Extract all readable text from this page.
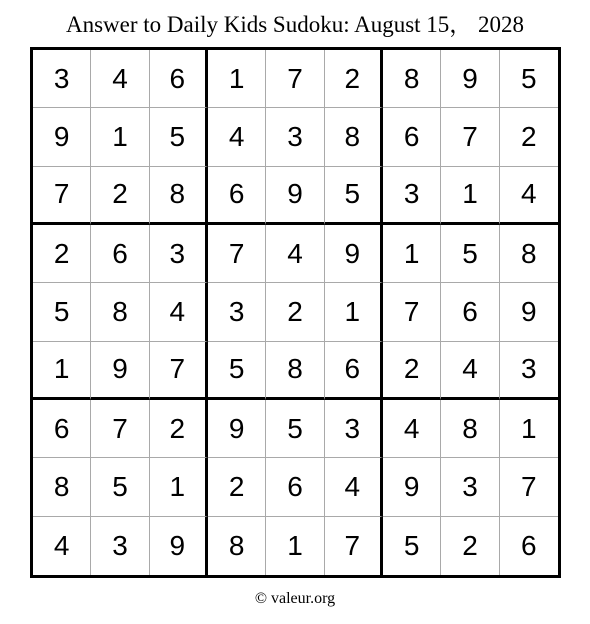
Answer to Daily Kids Sudoku: August 15， 2028
3	4	6	1	7	2	8	9	5
9	1	5	4	3	8	6	7	2
7	2	8	6	9	5	3	1	4
2	6	3	7	4	9	1	5	8
5	8	4	3	2	1	7	6	9
1	9	7	5	8	6	2	4	3
6	7	2	9	5	3	4	8	1
8	5	1	2	6	4	9	3	7
4	3	9	8	1	7	5	2	6
© valeur.org
